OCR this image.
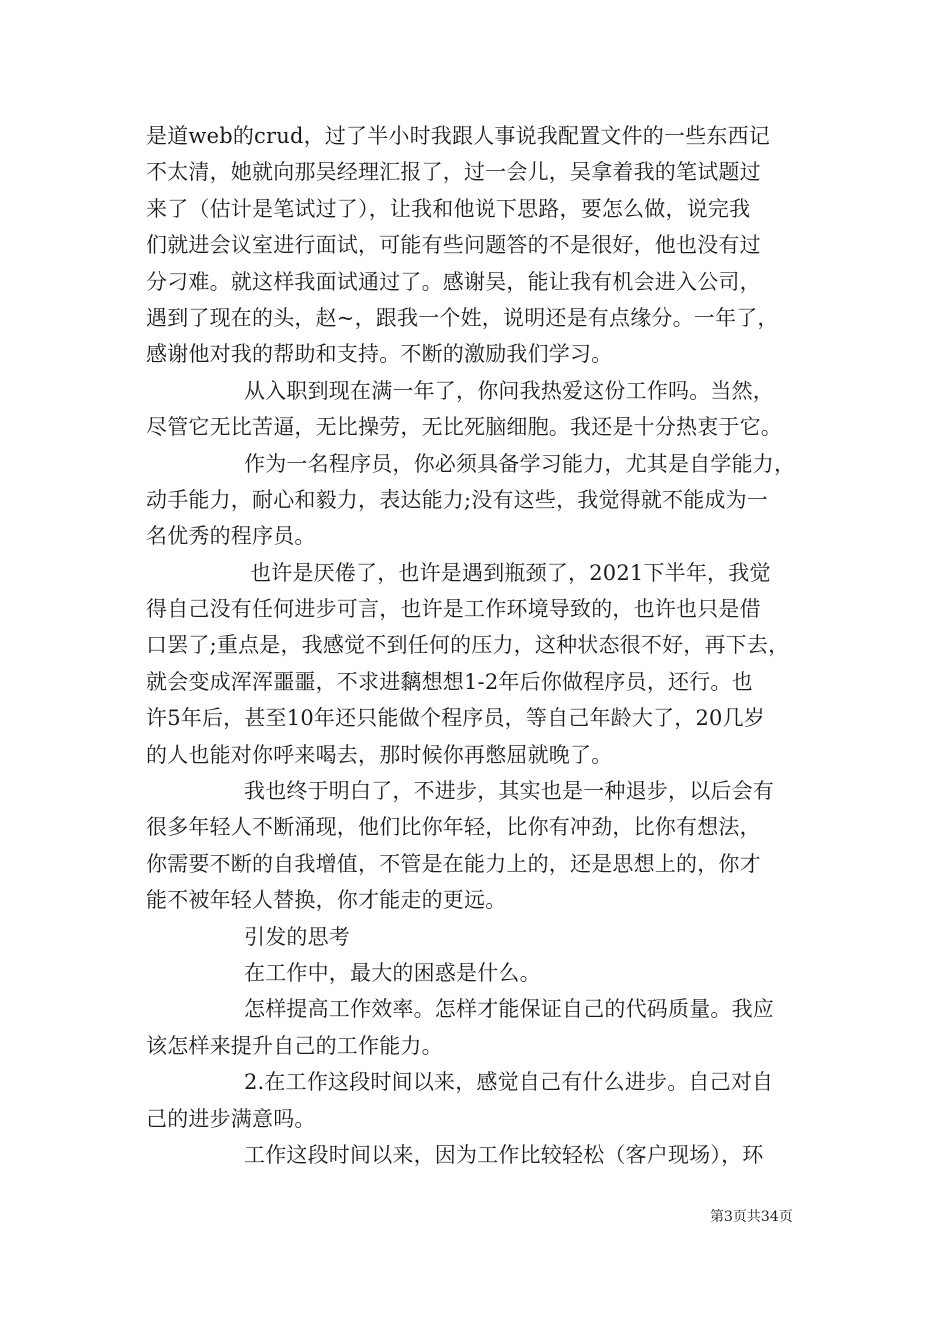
是道web的crud，过了半小时我跟人事说我配置文件的一些东西记
不太清，她就向那吴经理汇报了，过一会儿，吴拿着我的笔试题过
来了（估计是笔试过了），让我和他说下思路，要怎么做，说完我
们就进会议室进行面试，可能有些问题答的不是很好，他也没有过
分刁难。就这样我面试通过了。感谢吴，能让我有机会进入公司，
遇到了现在的头，赵~，跟我一个姓，说明还是有点缘分。一年了，
感谢他对我的帮助和支持。不断的激励我们学习。
从入职到现在满一年了，你问我热爱这份工作吗。当然，
尽管它无比苦逼，无比操劳，无比死脑细胞。我还是十分热衷于它。
作为一名程序员，你必须具备学习能力，尤其是自学能力，
动手能力，耐心和毅力，表达能力;没有这些，我觉得就不能成为一
名优秀的程序员。
也许是厌倦了，也许是遇到瓶颈了，2021下半年，我觉
得自己没有任何进步可言，也许是工作环境导致的，也许也只是借
口罢了;重点是，我感觉不到任何的压力，这种状态很不好，再下去，
就会变成浑浑噩噩，不求进黐想想1-2年后你做程序员，还行。也
许5年后，甚至10年还只能做个程序员，等自己年龄大了，20几岁
的人也能对你呼来喝去，那时候你再憋屈就晚了。
我也终于明白了，不进步，其实也是一种退步，以后会有
很多年轻人不断涌现，他们比你年轻，比你有冲劲，比你有想法，
你需要不断的自我增值，不管是在能力上的，还是思想上的，你才
能不被年轻人替换，你才能走的更远。
引发的思考
在工作中，最大的困惑是什么。
怎样提高工作效率。怎样才能保证自己的代码质量。我应
该怎样来提升自己的工作能力。
2.在工作这段时间以来，感觉自己有什么进步。自己对自
己的进步满意吗。
工作这段时间以来，因为工作比较轻松（客户现场），环
第3页共34页
